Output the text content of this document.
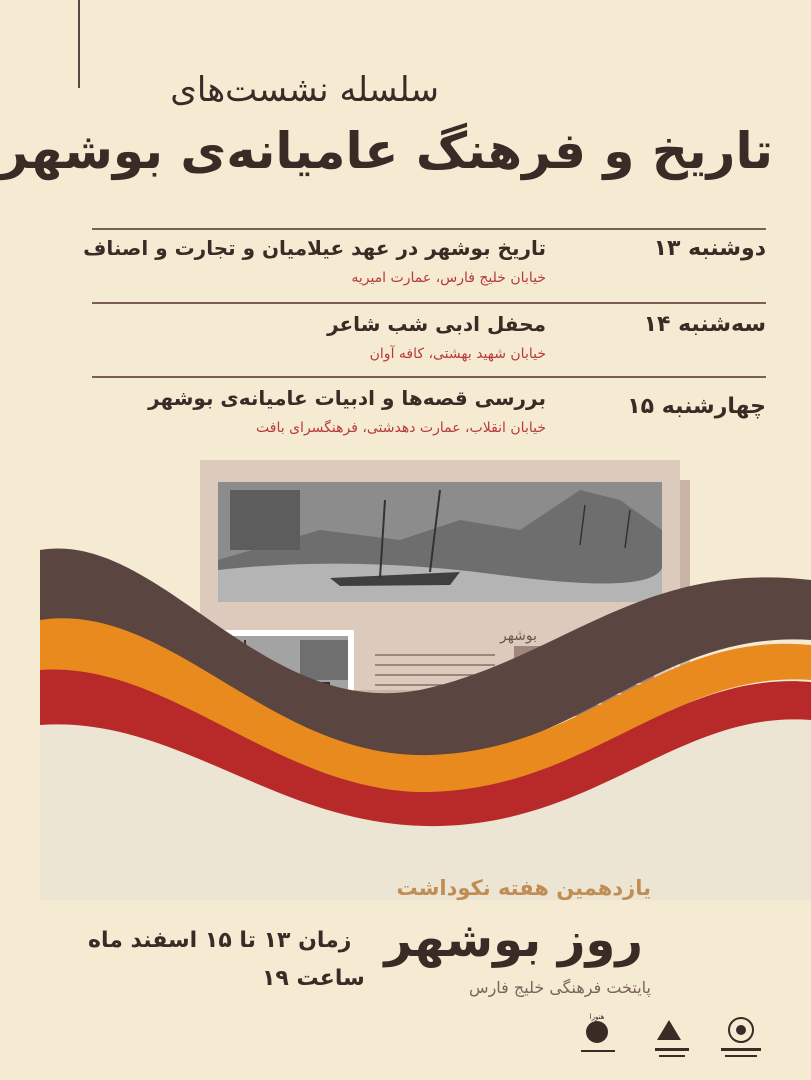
سلسله نشست‌های
تاریخ و فرهنگ عامیانه‌ی بوشهر
دوشنبه ۱۳
تاریخ بوشهر در عهد عیلامیان و تجارت و اصناف
خیابان خلیج فارس، عمارت امیریه
سه‌شنبه ۱۴
محفل ادبی شب شاعر
خیابان شهید بهشتی، کافه آوان
چهارشنبه ۱۵
بررسی قصه‌ها و ادبیات عامیانه‌ی بوشهر
خیابان انقلاب، عمارت دهدشتی، فرهنگسرای بافت
بوشهر
یازدهمین هفته نکوداشت
روز بوشهر
پایتخت فرهنگی خلیج فارس
زمان ۱۳ تا ۱۵ اسفند ماه
ساعت ۱۹
هنورا
